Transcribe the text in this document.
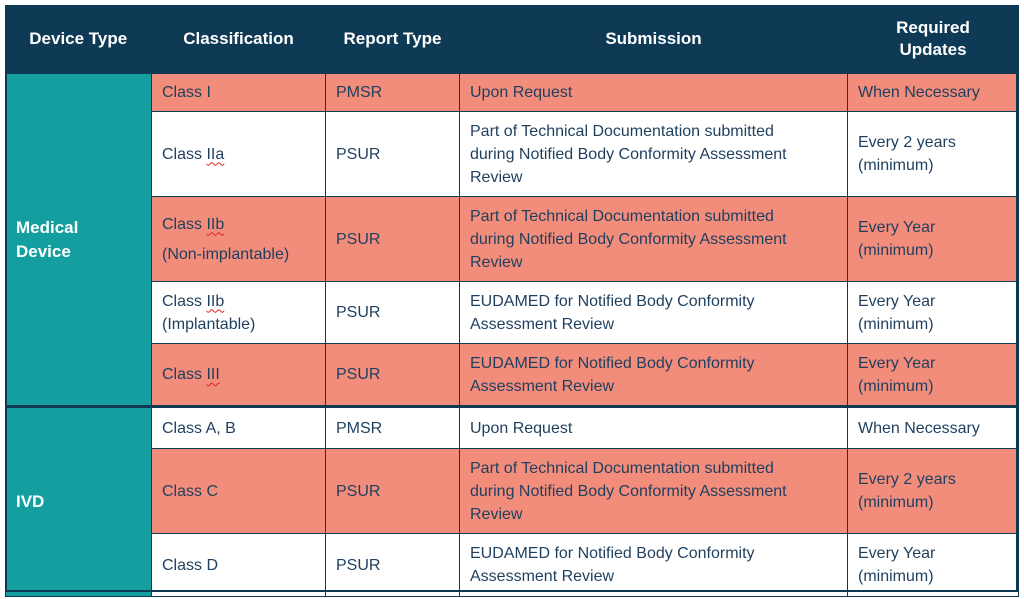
Device Type	Classification	Report Type	Submission	Required
Updates

Medical
Device	Class I	PMSR	Upon Request	When Necessary

	Class IIa	PSUR	Part of Technical Documentation submitted
during Notified Body Conformity Assessment
Review	Every 2 years
(minimum)

	Class IIb
(Non-implantable)	PSUR	Part of Technical Documentation submitted
during Notified Body Conformity Assessment
Review	Every Year
(minimum)

	Class IIb
(Implantable)	PSUR	EUDAMED for Notified Body Conformity
Assessment Review	Every Year
(minimum)

	Class III	PSUR	EUDAMED for Notified Body Conformity
Assessment Review	Every Year
(minimum)

IVD	Class A, B	PMSR	Upon Request	When Necessary

	Class C	PSUR	Part of Technical Documentation submitted
during Notified Body Conformity Assessment
Review	Every 2 years
(minimum)

	Class D	PSUR	EUDAMED for Notified Body Conformity
Assessment Review	Every Year
(minimum)
